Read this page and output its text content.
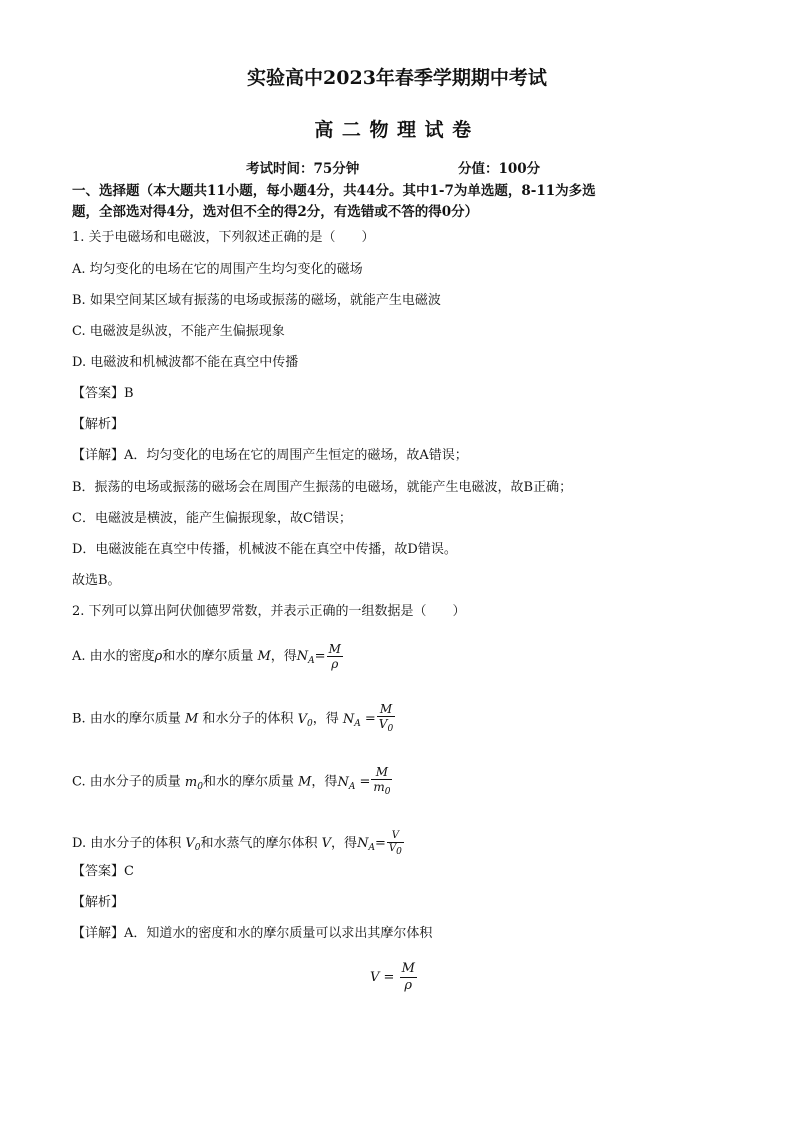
实验高中2023年春季学期期中考试
高二物理试卷
考试时间：75分钟	分值：100分
一、选择题（本大题共11小题，每小题4分，共44分。其中1-7为单选题，8-11为多选
题，全部选对得4分，选对但不全的得2分，有选错或不答的得0分）
1. 关于电磁场和电磁波，下列叙述正确的是（　　）
A. 均匀变化的电场在它的周围产生均匀变化的磁场
B. 如果空间某区域有振荡的电场或振荡的磁场，就能产生电磁波
C. 电磁波是纵波，不能产生偏振现象
D. 电磁波和机械波都不能在真空中传播
【答案】B
【解析】
【详解】A．均匀变化的电场在它的周围产生恒定的磁场，故A错误；
B．振荡的电场或振荡的磁场会在周围产生振荡的电磁场，就能产生电磁波，故B正确；
C．电磁波是横波，能产生偏振现象，故C错误；
D．电磁波能在真空中传播，机械波不能在真空中传播，故D错误。
故选B。
2. 下列可以算出阿伏伽德罗常数，并表示正确的一组数据是（　　）
A. 由水的密度ρ和水的摩尔质量 M，得$N_A= \frac{M}{\rho}$
B. 由水的摩尔质量 M 和水分子的体积 $V_0$，得 $N_A = \frac{M}{V_0}$
C. 由水分子的质量 $m_0$和水的摩尔质量 M，得$N_A = \frac{M}{m_0}$
D. 由水分子的体积 $V_0$和水蒸气的摩尔体积 V，得$N_A= \frac{V}{V_0}$
【答案】C
【解析】
【详解】A．知道水的密度和水的摩尔质量可以求出其摩尔体积
$V = \frac{M}{\rho}$
